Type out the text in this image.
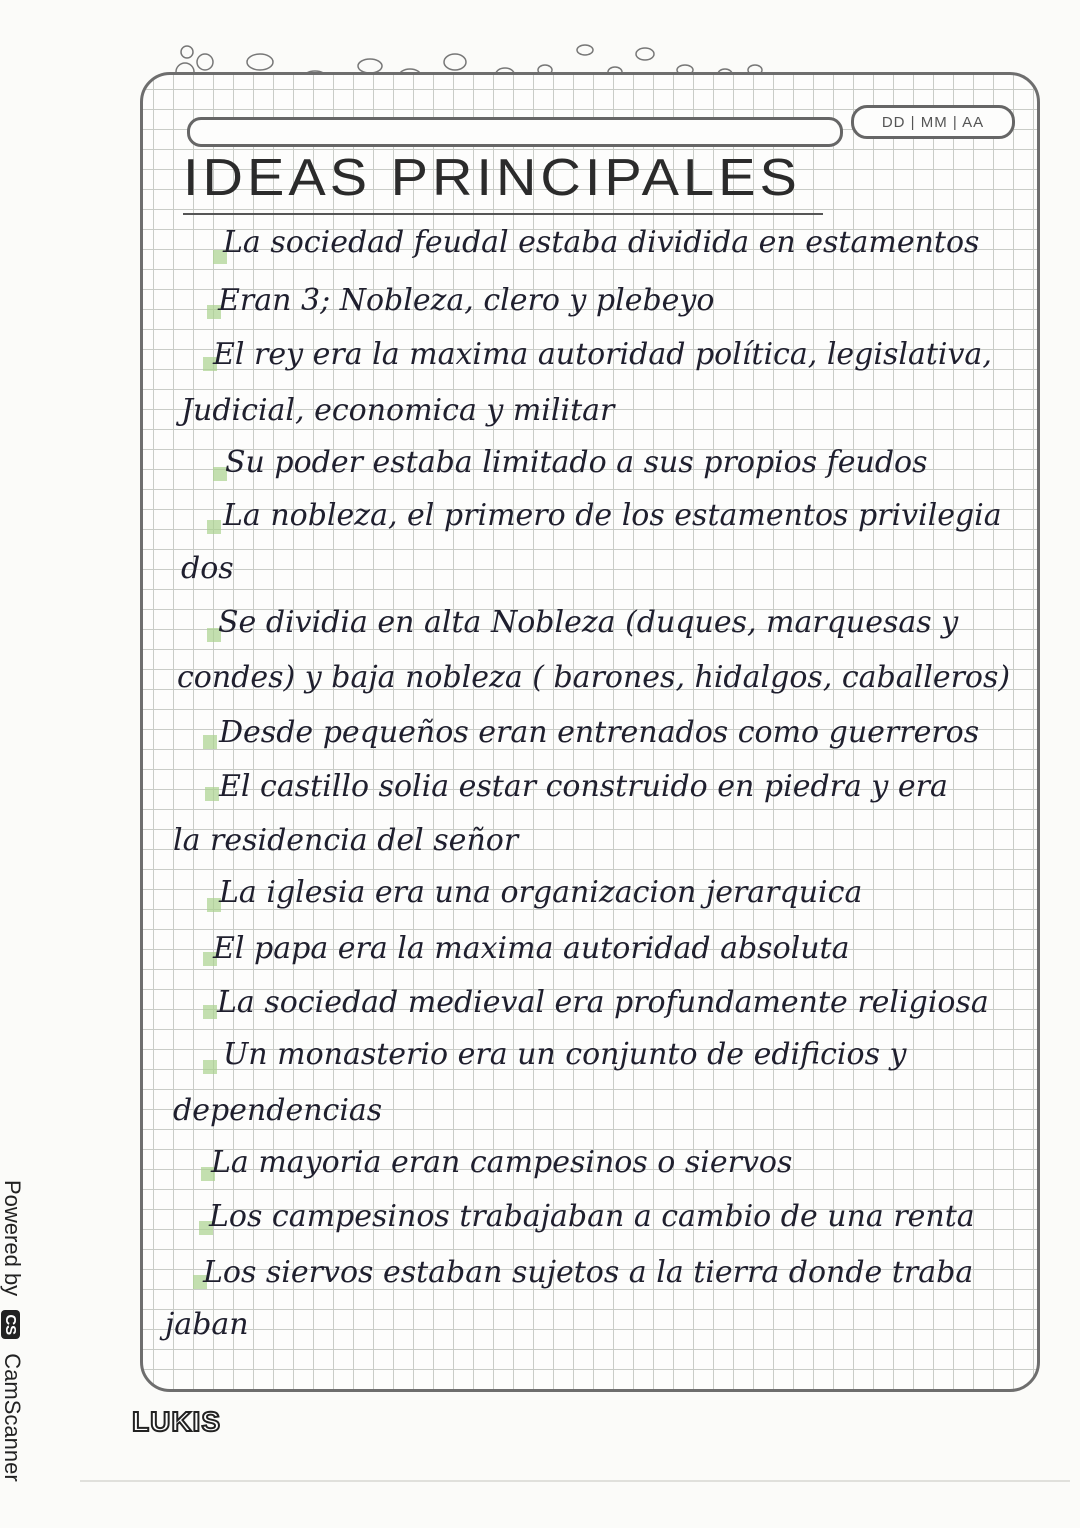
DD | MM | AA
IDEAS PRINCIPALES
La sociedad feudal estaba dividida en estamentos
Eran 3; Nobleza, clero y plebeyo
El rey era la maxima autoridad política, legislativa,
Judicial, economica y militar
Su poder estaba limitado a sus propios feudos
La nobleza, el primero de los estamentos privilegia
dos
Se dividia en alta Nobleza (duques, marquesas y
condes) y baja nobleza ( barones, hidalgos, caballeros)
Desde pequeños eran entrenados como guerreros
El castillo solia estar construido en piedra y era
la residencia del señor
La iglesia era una organizacion jerarquica
El papa era la maxima autoridad absoluta
La sociedad medieval era profundamente religiosa
Un monasterio era un conjunto de edificios y
dependencias
La mayoria eran campesinos o siervos
Los campesinos trabajaban a cambio de una renta
Los siervos estaban sujetos a la tierra donde traba
jaban
LUKIS
Powered by CS CamScanner
